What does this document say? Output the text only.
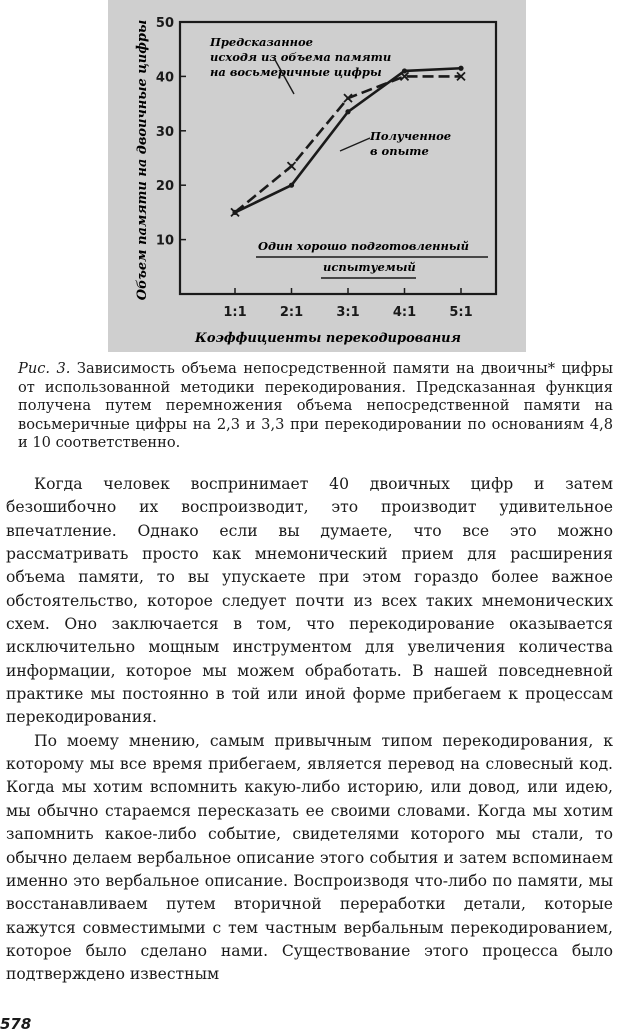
10
20
30
40
50
1:1	2:1	3:1	4:1	5:1
Объем памяти на двоичные цифры
Коэффициенты перекодирования
Предсказанное
исходя из объема памяти
на восьмеричные цифры
Полученное
в опыте
Один хорошо подготовленный
испытуемый
Рис. 3. Зависимость объема непосредственной памяти на двоичны* цифры от использованной методики перекодирования. Предсказанная функция получена путем перемножения объема непосредственной памяти на восьмеричные цифры на 2,3 и 3,3 при перекодировании по основаниям 4,8 и 10 соответственно.

Когда человек воспринимает 40 двоичных цифр и затем безошибочно их воспроизводит, это производит удивительное впечатление. Однако если вы думаете, что все это можно рассматривать просто как мнемонический прием для расширения объема памяти, то вы упускаете при этом гораздо более важное обстоятельство, которое следует почти из всех таких мнемонических схем. Оно заключается в том, что перекодирование оказывается исключительно мощным инструментом для увеличения количества информации, которое мы можем обработать. В нашей повседневной практике мы постоянно в той или иной форме прибегаем к процессам перекодирования.

По моему мнению, самым привычным типом перекодирования, к которому мы все время прибегаем, является перевод на словесный код. Когда мы хотим вспомнить какую-либо историю, или довод, или идею, мы обычно стараемся пересказать ее своими словами. Когда мы хотим запомнить какое-либо событие, свидетелями которого мы стали, то обычно делаем вербальное описание этого события и затем вспоминаем именно это вербальное описание. Воспроизводя что-либо по памяти, мы восстанавливаем путем вторичной переработки детали, которые кажутся совместимыми с тем частным вербальным перекодированием, которое было сделано нами. Существование этого процесса было подтверждено известным

578
